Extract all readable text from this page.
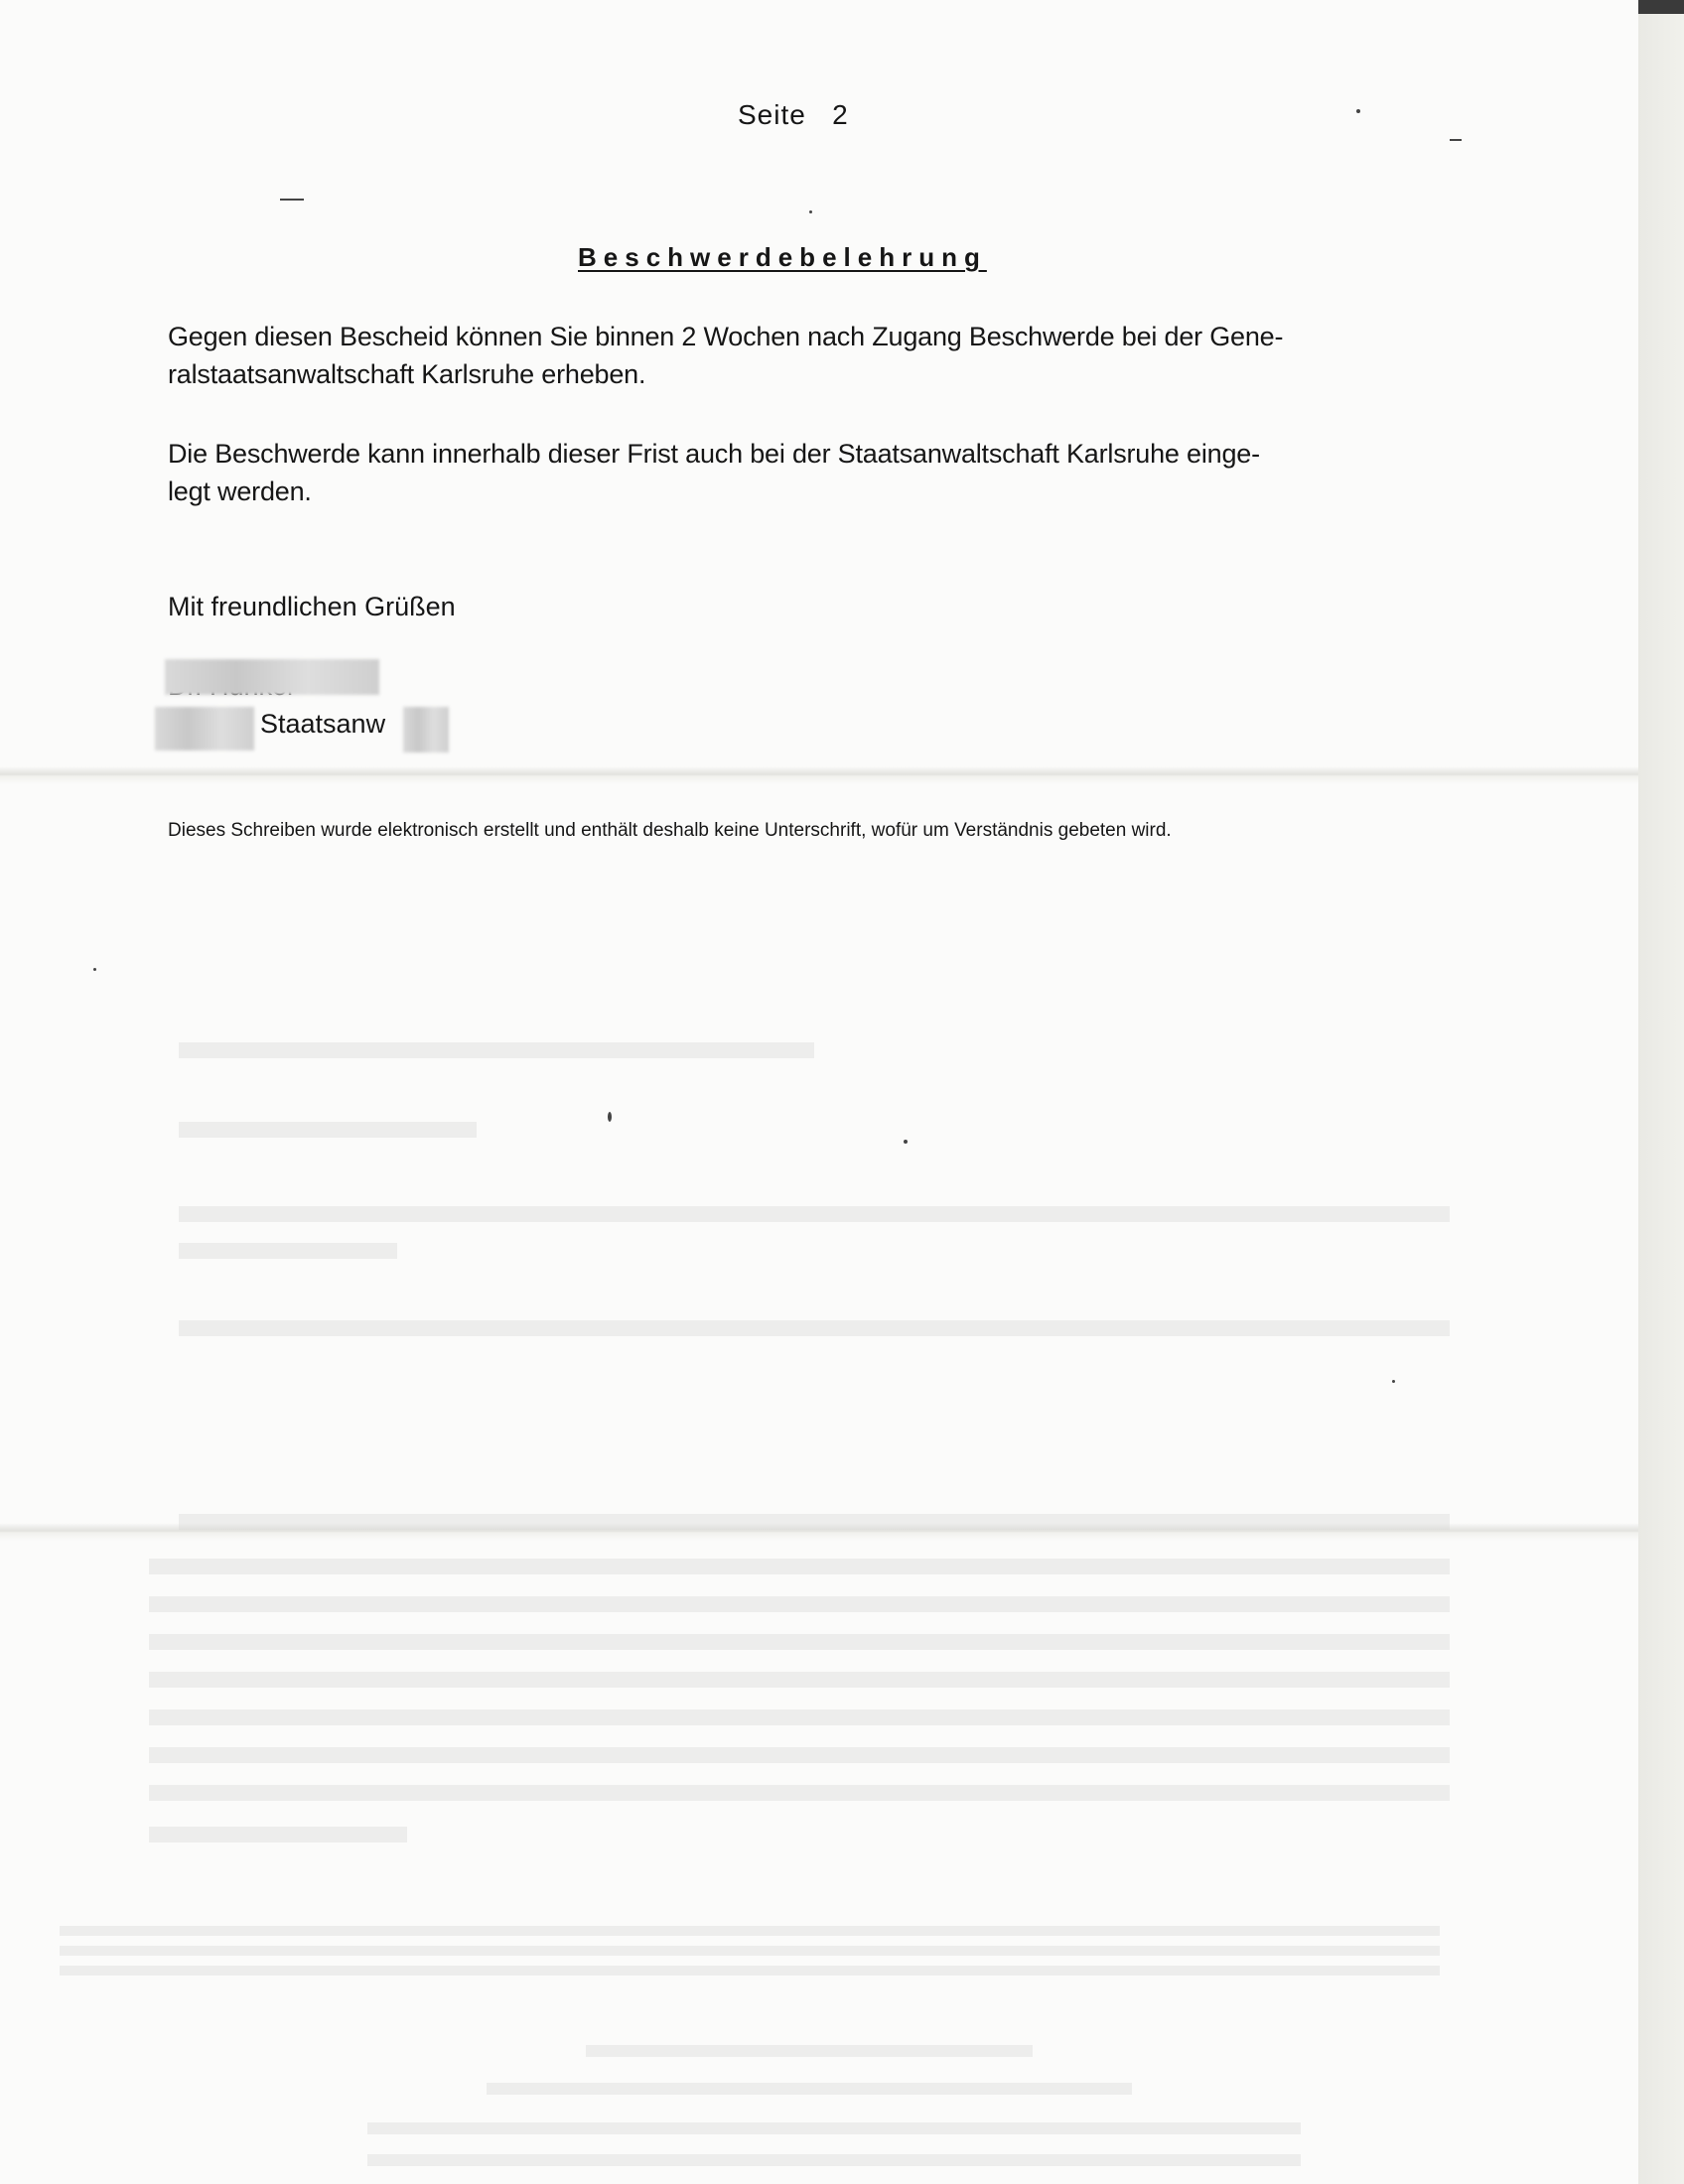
Seite   2
Beschwerdebelehrung
Gegen diesen Bescheid können Sie binnen 2 Wochen nach Zugang Beschwerde bei der Gene-
ralstaatsanwaltschaft Karlsruhe erheben.
Die Beschwerde kann innerhalb dieser Frist auch bei der Staatsanwaltschaft Karlsruhe einge-
legt werden.
Mit freundlichen Grüßen
Staatsanw
Dieses Schreiben wurde elektronisch erstellt und enthält deshalb keine Unterschrift, wofür um Verständnis gebeten wird.
